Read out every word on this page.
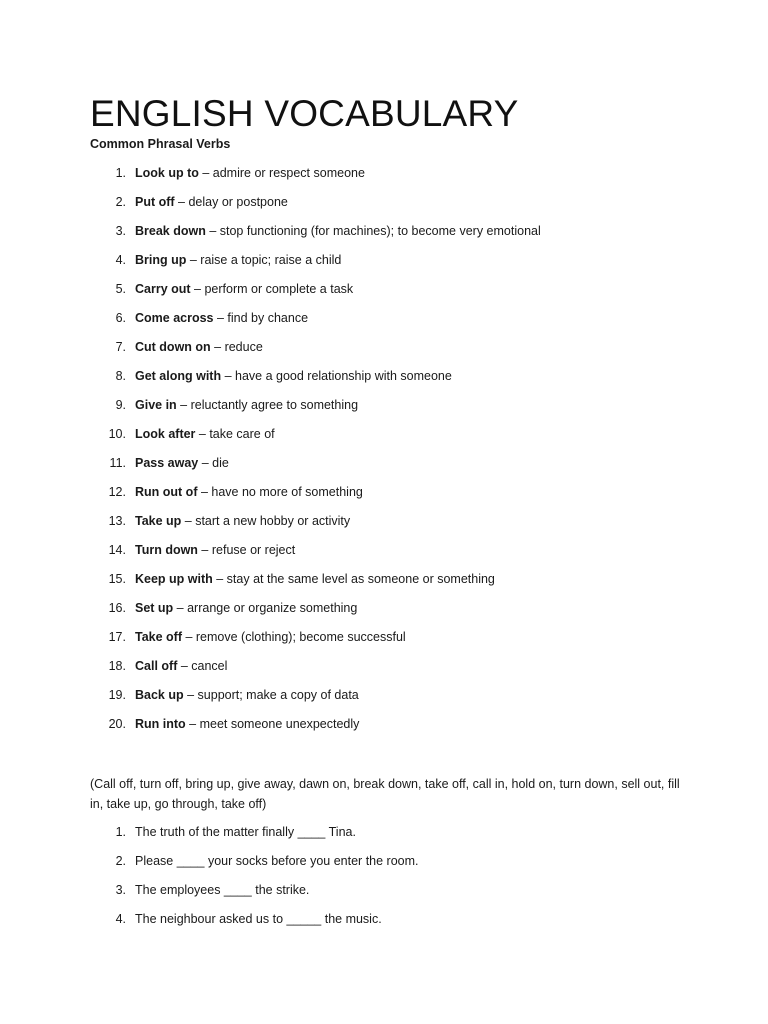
ENGLISH VOCABULARY

Common Phrasal Verbs

1. Look up to – admire or respect someone
2. Put off – delay or postpone
3. Break down – stop functioning (for machines); to become very emotional
4. Bring up – raise a topic; raise a child
5. Carry out – perform or complete a task
6. Come across – find by chance
7. Cut down on – reduce
8. Get along with – have a good relationship with someone
9. Give in – reluctantly agree to something
10. Look after – take care of
11. Pass away – die
12. Run out of – have no more of something
13. Take up – start a new hobby or activity
14. Turn down – refuse or reject
15. Keep up with – stay at the same level as someone or something
16. Set up – arrange or organize something
17. Take off – remove (clothing); become successful
18. Call off – cancel
19. Back up – support; make a copy of data
20. Run into – meet someone unexpectedly

(Call off, turn off, bring up, give away, dawn on, break down, take off, call in, hold on, turn down, sell out, fill in, take up, go through, take off)

1. The truth of the matter finally ____ Tina.
2. Please ____ your socks before you enter the room.
3. The employees ____ the strike.
4. The neighbour asked us to _____ the music.
